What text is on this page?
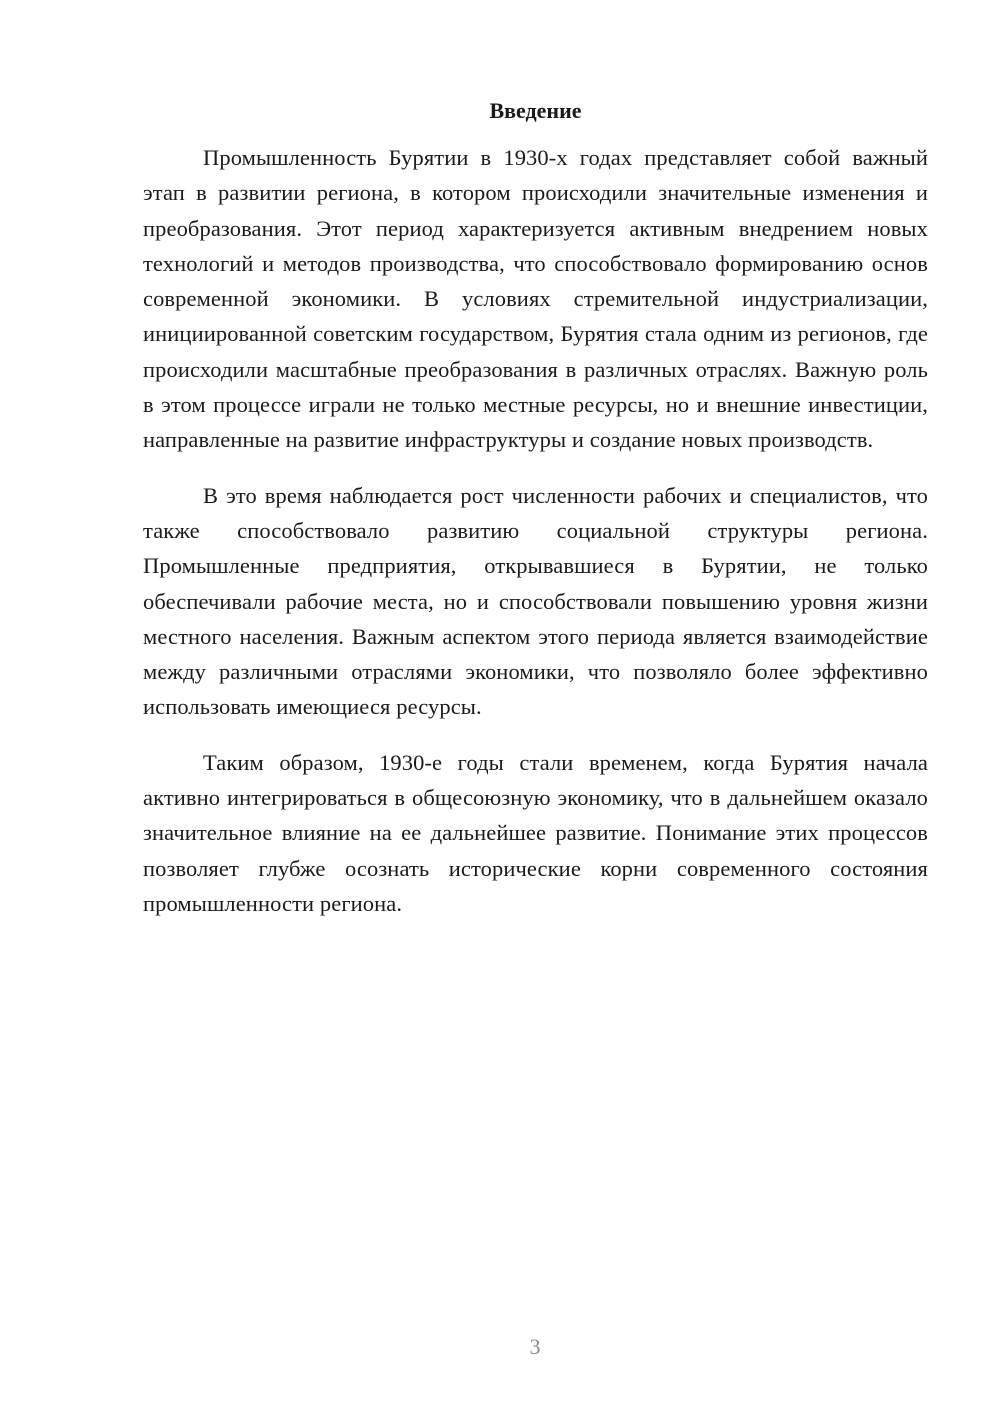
Введение

Промышленность Бурятии в 1930-х годах представляет собой важный этап в развитии региона, в котором происходили значительные изменения и преобразования. Этот период характеризуется активным внедрением новых технологий и методов производства, что способствовало формированию основ современной экономики. В условиях стремительной индустриализации, инициированной советским государством, Бурятия стала одним из регионов, где происходили масштабные преобразования в различных отраслях. Важную роль в этом процессе играли не только местные ресурсы, но и внешние инвестиции, направленные на развитие инфраструктуры и создание новых производств.

В это время наблюдается рост численности рабочих и специалистов, что также способствовало развитию социальной структуры региона. Промышленные предприятия, открывавшиеся в Бурятии, не только обеспечивали рабочие места, но и способствовали повышению уровня жизни местного населения. Важным аспектом этого периода является взаимодействие между различными отраслями экономики, что позволяло более эффективно использовать имеющиеся ресурсы.

Таким образом, 1930-е годы стали временем, когда Бурятия начала активно интегрироваться в общесоюзную экономику, что в дальнейшем оказало значительное влияние на ее дальнейшее развитие. Понимание этих процессов позволяет глубже осознать исторические корни современного состояния промышленности региона.

3
